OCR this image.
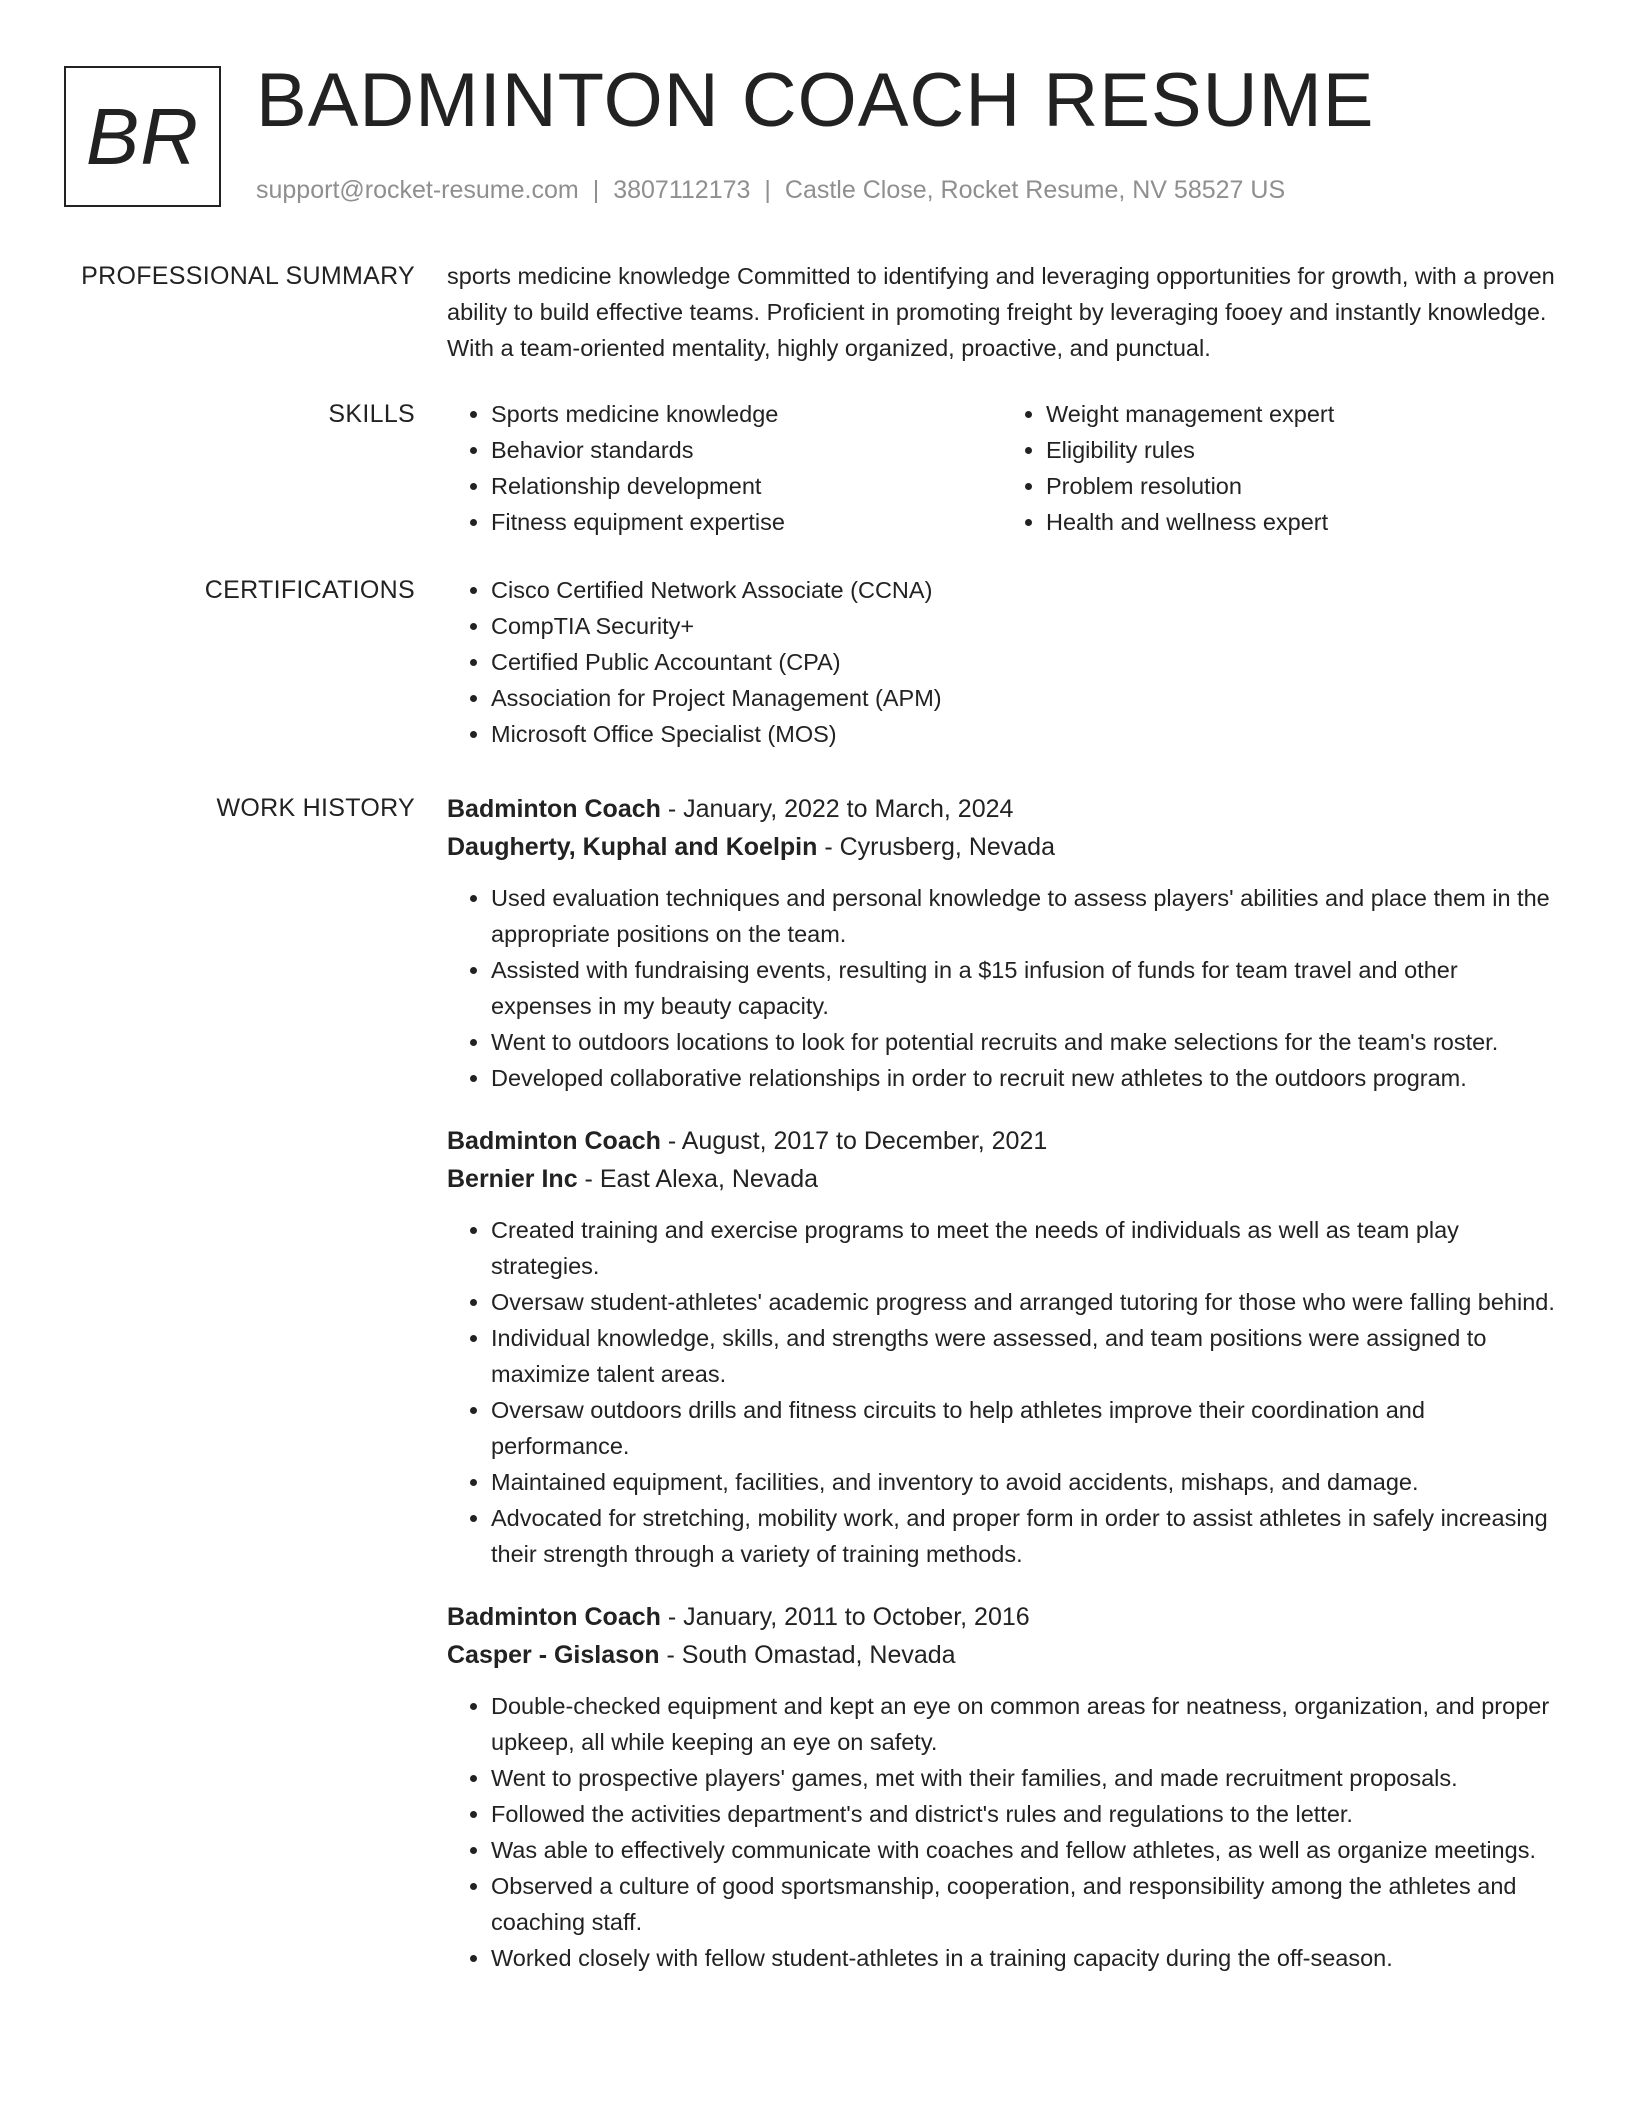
BR BADMINTON COACH RESUME
support@rocket-resume.com | 3807112173 | Castle Close, Rocket Resume, NV 58527 US
PROFESSIONAL SUMMARY sports medicine knowledge Committed to identifying and leveraging opportunities for growth, with a proven ability to build effective teams. Proficient in promoting freight by leveraging fooey and instantly knowledge. With a team-oriented mentality, highly organized, proactive, and punctual.
SKILLS	• Sports medicine knowledge
• Behavior standards
• Relationship development
• Fitness equipment expertise
• Weight management expert
• Eligibility rules
• Problem resolution
• Health and wellness expert
CERTIFICATIONS	• Cisco Certified Network Associate (CCNA)
• CompTIA Security+
• Certified Public Accountant (CPA)
• Association for Project Management (APM)
• Microsoft Office Specialist (MOS)
WORK HISTORY Badminton Coach - January, 2022 to March, 2024
Daugherty, Kuphal and Koelpin - Cyrusberg, Nevada
• Used evaluation techniques and personal knowledge to assess players' abilities and place them in the appropriate positions on the team.
• Assisted with fundraising events, resulting in a $15 infusion of funds for team travel and other expenses in my beauty capacity.
• Went to outdoors locations to look for potential recruits and make selections for the team's roster.
• Developed collaborative relationships in order to recruit new athletes to the outdoors program.
Badminton Coach - August, 2017 to December, 2021
Bernier Inc - East Alexa, Nevada
• Created training and exercise programs to meet the needs of individuals as well as team play strategies.
• Oversaw student-athletes' academic progress and arranged tutoring for those who were falling behind.
• Individual knowledge, skills, and strengths were assessed, and team positions were assigned to maximize talent areas.
• Oversaw outdoors drills and fitness circuits to help athletes improve their coordination and performance.
• Maintained equipment, facilities, and inventory to avoid accidents, mishaps, and damage.
• Advocated for stretching, mobility work, and proper form in order to assist athletes in safely increasing their strength through a variety of training methods.
Badminton Coach - January, 2011 to October, 2016
Casper - Gislason - South Omastad, Nevada
• Double-checked equipment and kept an eye on common areas for neatness, organization, and proper upkeep, all while keeping an eye on safety.
• Went to prospective players' games, met with their families, and made recruitment proposals.
• Followed the activities department's and district's rules and regulations to the letter.
• Was able to effectively communicate with coaches and fellow athletes, as well as organize meetings.
• Observed a culture of good sportsmanship, cooperation, and responsibility among the athletes and coaching staff.
• Worked closely with fellow student-athletes in a training capacity during the off-season.
